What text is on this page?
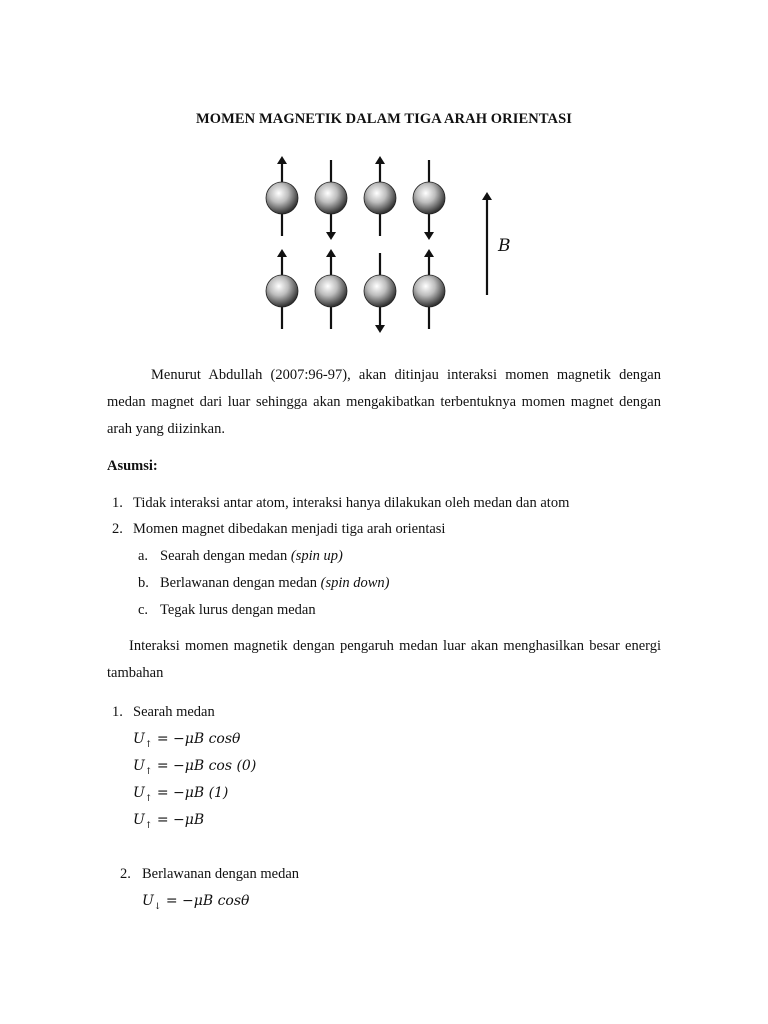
MOMEN MAGNETIK DALAM TIGA ARAH ORIENTASI
B
Menurut Abdullah (2007:96-97), akan ditinjau interaksi momen magnetik dengan medan magnet dari luar sehingga akan mengakibatkan terbentuknya momen magnet dengan arah yang diizinkan.
Asumsi:
1. Tidak interaksi antar atom, interaksi hanya dilakukan oleh medan dan atom
2. Momen magnet dibedakan menjadi tiga arah orientasi
a. Searah dengan medan (spin up)
b. Berlawanan dengan medan (spin down)
c. Tegak lurus dengan medan
Interaksi momen magnetik dengan pengaruh medan luar akan menghasilkan besar energi tambahan
1. Searah medan
$U_↑ = -\mu B$ cosθ
$U_↑ = -\mu B$ cos (0)
$U_↑ = -\mu B$ (1)
$U_↑ = -\mu B$
2. Berlawanan dengan medan
$U_↓ = -\mu B$ cosθ
